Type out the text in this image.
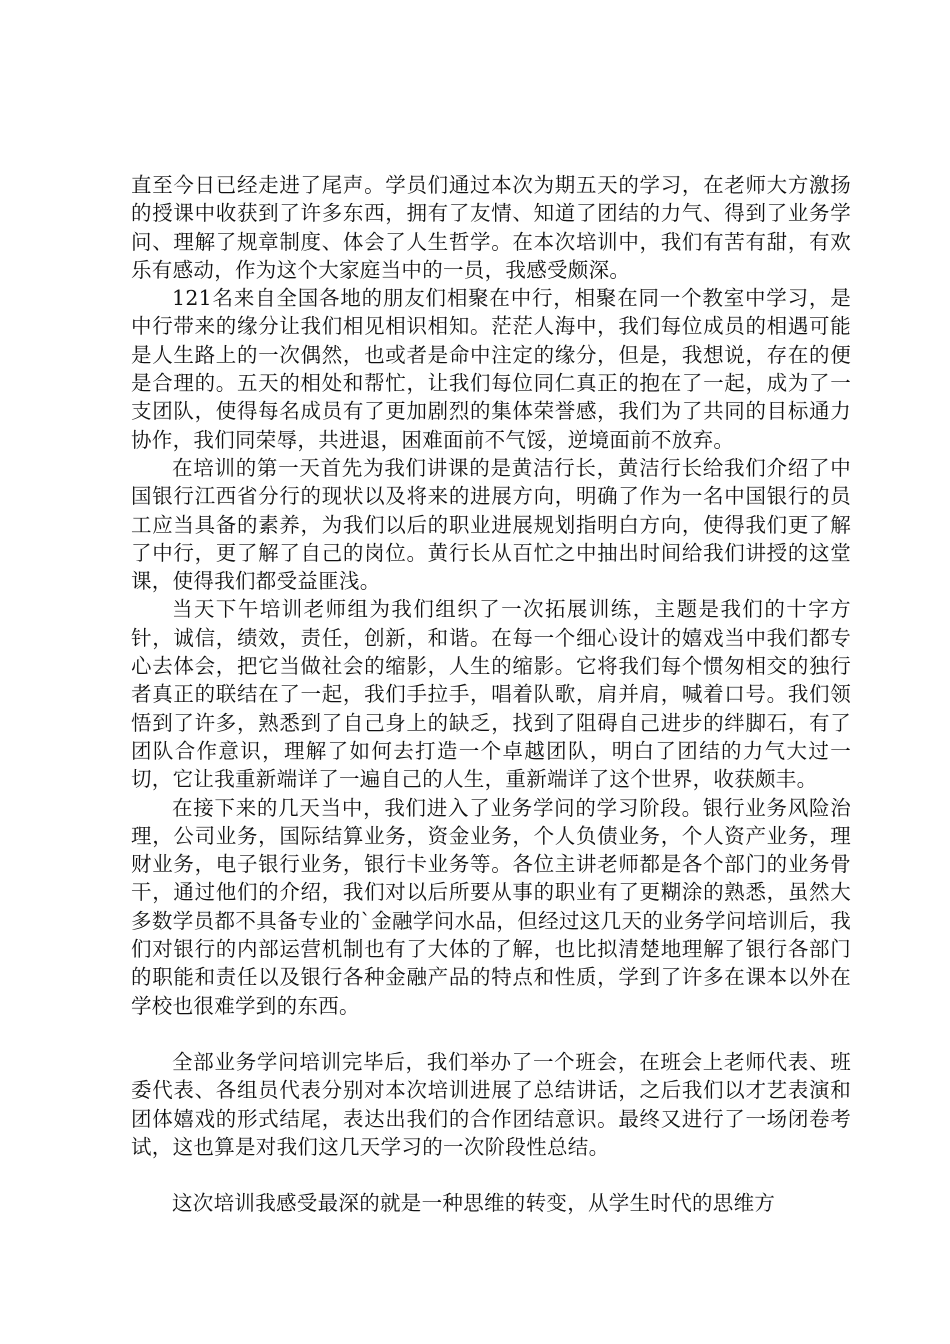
直至今日已经走进了尾声。学员们通过本次为期五天的学习，在老师大方激扬的授课中收获到了许多东西，拥有了友情、知道了团结的力气、得到了业务学问、理解了规章制度、体会了人生哲学。在本次培训中，我们有苦有甜，有欢乐有感动，作为这个大家庭当中的一员，我感受颇深。

121名来自全国各地的朋友们相聚在中行，相聚在同一个教室中学习，是中行带来的缘分让我们相见相识相知。茫茫人海中，我们每位成员的相遇可能是人生路上的一次偶然，也或者是命中注定的缘分，但是，我想说，存在的便是合理的。五天的相处和帮忙，让我们每位同仁真正的抱在了一起，成为了一支团队，使得每名成员有了更加剧烈的集体荣誉感，我们为了共同的目标通力协作，我们同荣辱，共进退，困难面前不气馁，逆境面前不放弃。

在培训的第一天首先为我们讲课的是黄洁行长，黄洁行长给我们介绍了中国银行江西省分行的现状以及将来的进展方向，明确了作为一名中国银行的员工应当具备的素养，为我们以后的职业进展规划指明白方向，使得我们更了解了中行，更了解了自己的岗位。黄行长从百忙之中抽出时间给我们讲授的这堂课，使得我们都受益匪浅。

当天下午培训老师组为我们组织了一次拓展训练，主题是我们的十字方针，诚信，绩效，责任，创新，和谐。在每一个细心设计的嬉戏当中我们都专心去体会，把它当做社会的缩影，人生的缩影。它将我们每个惯匆相交的独行者真正的联结在了一起，我们手拉手，唱着队歌，肩并肩，喊着口号。我们领悟到了许多，熟悉到了自己身上的缺乏，找到了阻碍自己进步的绊脚石，有了团队合作意识，理解了如何去打造一个卓越团队，明白了团结的力气大过一切，它让我重新端详了一遍自己的人生，重新端详了这个世界，收获颇丰。

在接下来的几天当中，我们进入了业务学问的学习阶段。银行业务风险治理，公司业务，国际结算业务，资金业务，个人负债业务，个人资产业务，理财业务，电子银行业务，银行卡业务等。各位主讲老师都是各个部门的业务骨干，通过他们的介绍，我们对以后所要从事的职业有了更糊涂的熟悉，虽然大多数学员都不具备专业的`金融学问水品，但经过这几天的业务学问培训后，我们对银行的内部运营机制也有了大体的了解，也比拟清楚地理解了银行各部门的职能和责任以及银行各种金融产品的特点和性质，学到了许多在课本以外在学校也很难学到的东西。

全部业务学问培训完毕后，我们举办了一个班会，在班会上老师代表、班委代表、各组员代表分别对本次培训进展了总结讲话，之后我们以才艺表演和团体嬉戏的形式结尾，表达出我们的合作团结意识。最终又进行了一场闭卷考试，这也算是对我们这几天学习的一次阶段性总结。

这次培训我感受最深的就是一种思维的转变，从学生时代的思维方
